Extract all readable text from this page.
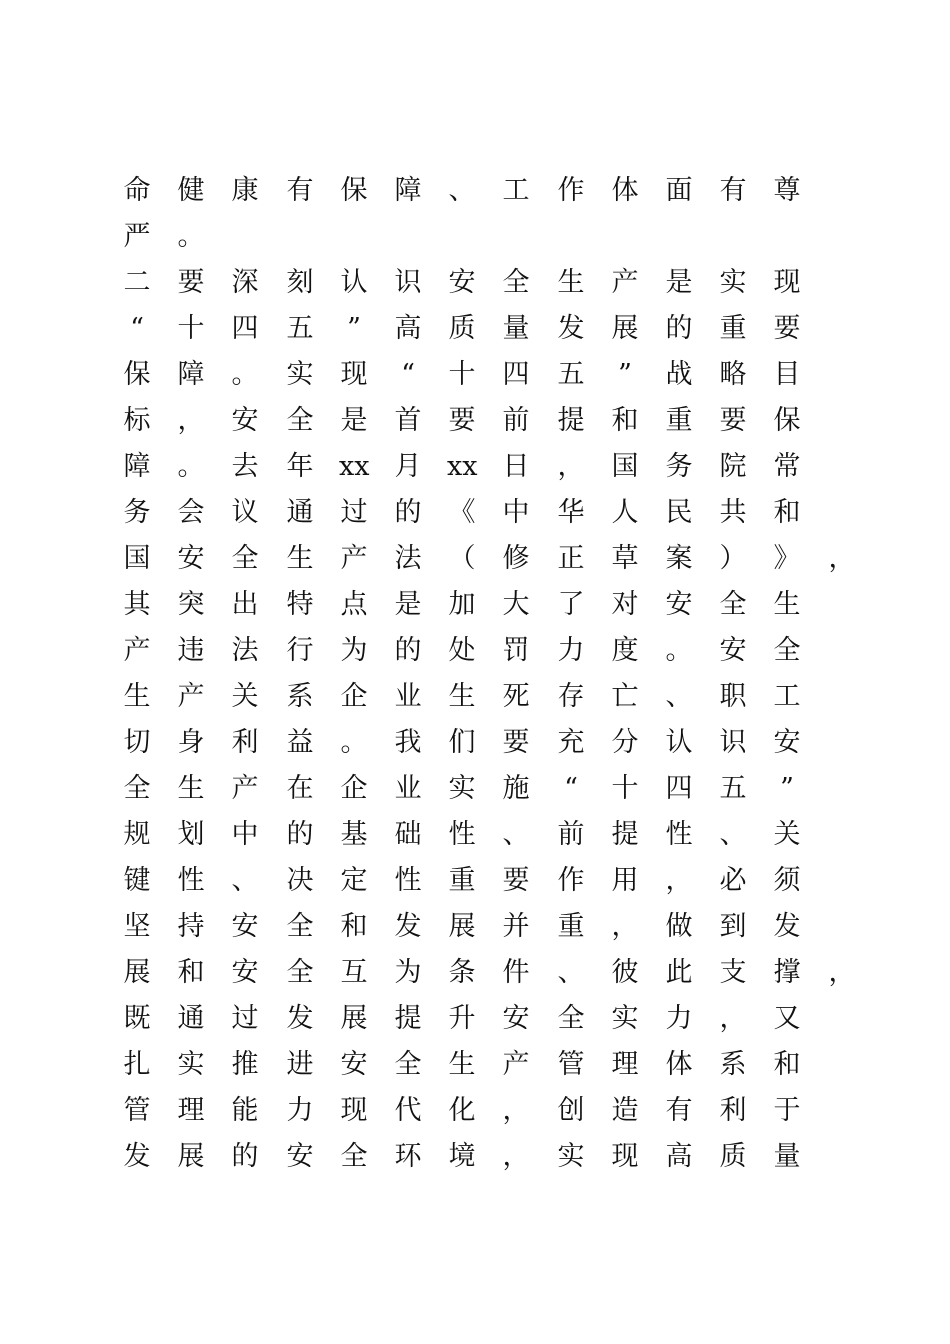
命 健 康 有 保 障 、 工 作 体 面 有 尊
严 。
二 要 深 刻 认 识 安 全 生 产 是 实 现
“ 十 四 五 ” 高 质 量 发 展 的 重 要
保 障 。 实 现 “ 十 四 五 ” 战 略 目
标 ， 安 全 是 首 要 前 提 和 重 要 保
障 。 去 年 xx 月 xx 日 ， 国 务 院 常
务 会 议 通 过 的 《 中 华 人 民 共 和
国 安 全 生 产 法 （ 修 正 草 案 ） 》 ，
其 突 出 特 点 是 加 大 了 对 安 全 生
产 违 法 行 为 的 处 罚 力 度 。 安 全
生 产 关 系 企 业 生 死 存 亡 、 职 工
切 身 利 益 。 我 们 要 充 分 认 识 安
全 生 产 在 企 业 实 施 “ 十 四 五 ”
规 划 中 的 基 础 性 、 前 提 性 、 关
键 性 、 决 定 性 重 要 作 用 ， 必 须
坚 持 安 全 和 发 展 并 重 ， 做 到 发
展 和 安 全 互 为 条 件 、 彼 此 支 撑 ，
既 通 过 发 展 提 升 安 全 实 力 ， 又
扎 实 推 进 安 全 生 产 管 理 体 系 和
管 理 能 力 现 代 化 ， 创 造 有 利 于
发 展 的 安 全 环 境 ， 实 现 高 质 量
